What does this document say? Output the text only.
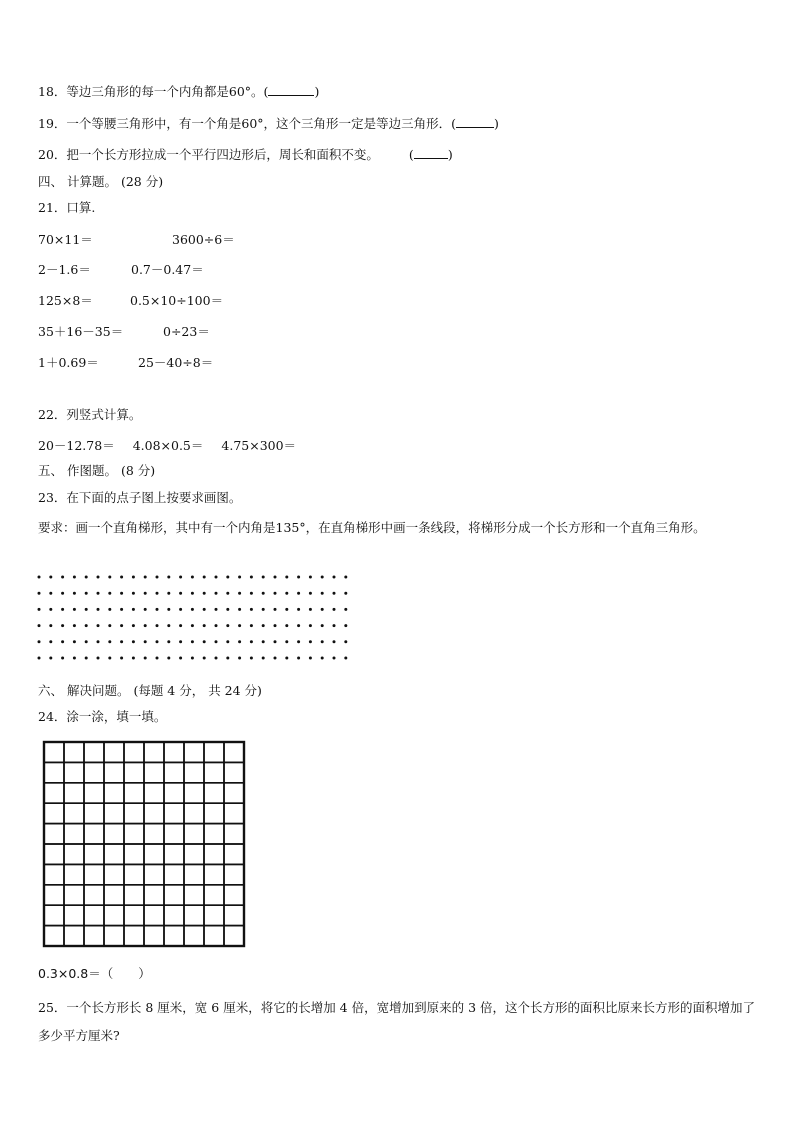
18．等边三角形的每一个内角都是60°。(	)
19．一个等腰三角形中，有一个角是60°，这个三角形一定是等边三角形．(	)
20．把一个长方形拉成一个平行四边形后，周长和面积不变。 (	)
四、 计算题。 (28 分)
21．口算.
70×11＝	3600÷6＝
2－1.6＝	0.7－0.47＝
125×8＝	0.5×10÷100＝
35＋16－35＝	0÷23＝
1＋0.69＝	25－40÷8＝
22．列竖式计算。
20－12.78＝ 4.08×0.5＝ 4.75×300＝
五、 作图题。 (8 分)
23．在下面的点子图上按要求画图。
要求：画一个直角梯形，其中有一个内角是135°，在直角梯形中画一条线段，将梯形分成一个长方形和一个直角三角形。
六、 解决问题。 (每题 4 分， 共 24 分)
24．涂一涂，填一填。
0.3×0.8＝（　　）
25．一个长方形长 8 厘米，宽 6 厘米，将它的长增加 4 倍，宽增加到原来的 3 倍，这个长方形的面积比原来长方形的面积增加了多少平方厘米?
